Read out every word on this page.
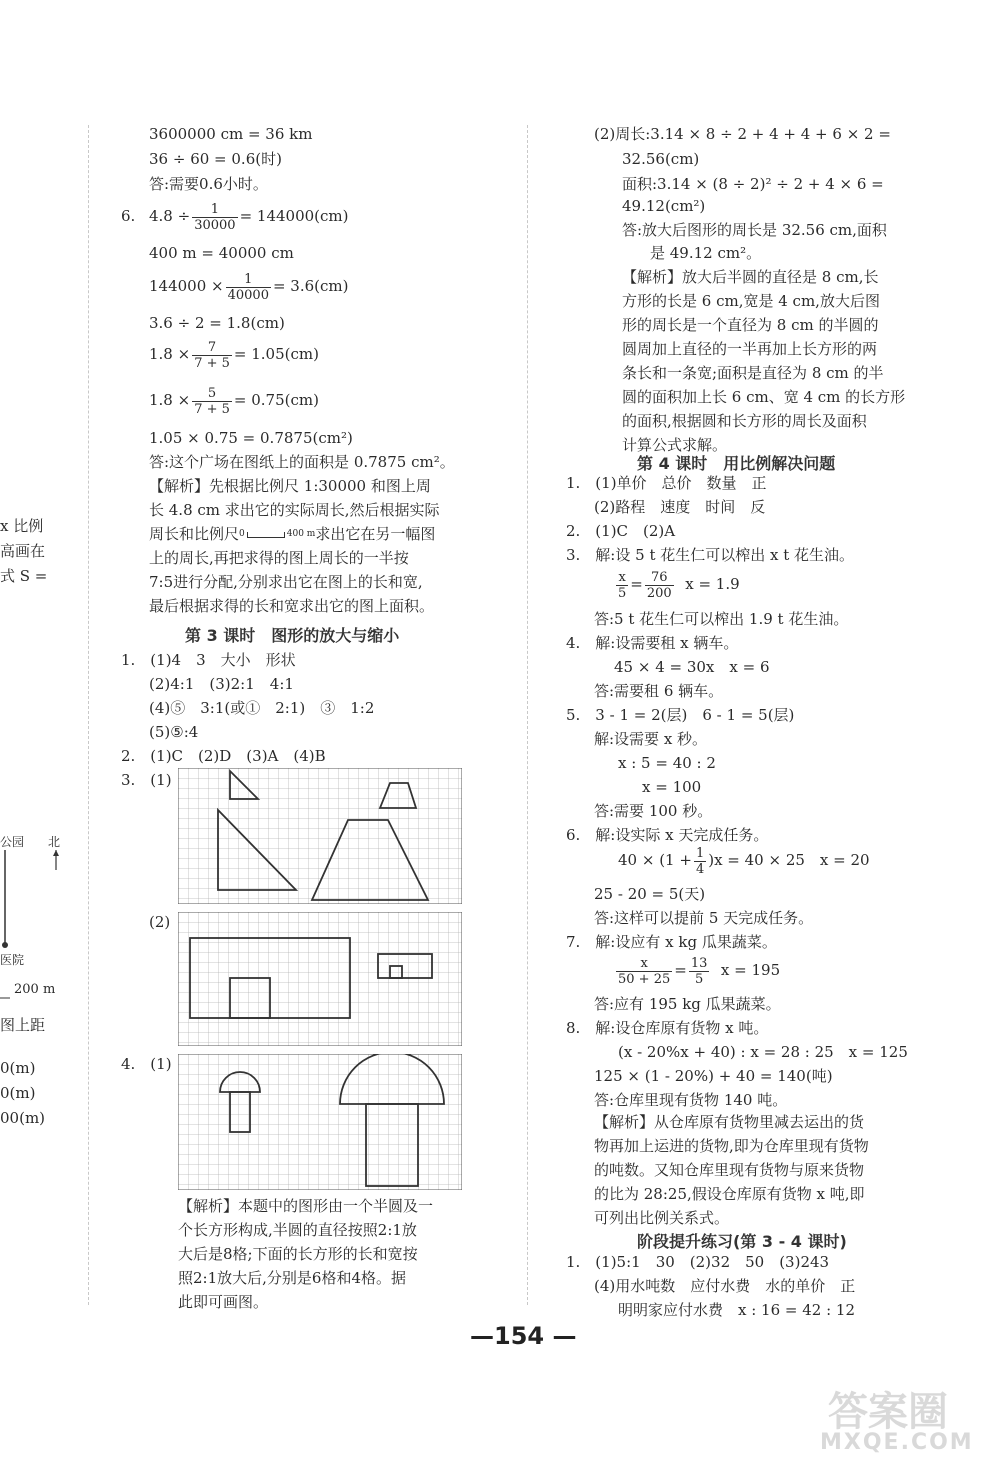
x 比例
高画在
式 S =
公园 北
医院
200 m
图上距
0(m)
0(m)
00(m)
3600000 cm = 36 km
36 ÷ 60 = 0.6(时)
答:需要0.6小时。
6. $4.8 \div \frac{1}{30000} = 144000(cm)$
400 m = 40000 cm
$144000 \times \frac{1}{40000} = 3.6(cm)$
3.6 ÷ 2 = 1.8(cm)
$1.8 \times \frac{7}{7 + 5} = 1.05(cm)$
$1.8 \times \frac{5}{7 + 5} = 0.75(cm)$
1.05 × 0.75 = 0.7875(cm²)
答:这个广场在图纸上的面积是 0.7875 cm²。
【解析】先根据比例尺 1:30000 和图上周
长 4.8 cm 求出它的实际周长,然后根据实际
周长和比例尺$^0$	$^{400 m}$求出它在另一幅图
上的周长,再把求得的图上周长的一半按
7:5进行分配,分别求出它在图上的长和宽,
最后根据求得的长和宽求出它的图上面积。
第 3 课时　图形的放大与缩小
1.　(1)4　3　大小　形状
(2)4:1　(3)2:1　4:1
(4)⑤　3:1(或①　2:1)　③　1:2
(5)⑤:4
2.　(1)C　(2)D　(3)A　(4)B
3.　(1)
(2)
4.　(1)
【解析】本题中的图形由一个半圆及一
个长方形构成,半圆的直径按照2:1放
大后是8格;下面的长方形的长和宽按
照2:1放大后,分别是6格和4格。据
此即可画图。
(2)周长:3.14 × 8 ÷ 2 + 4 + 4 + 6 × 2 =
32.56(cm)
面积:3.14 × (8 ÷ 2)² ÷ 2 + 4 × 6 =
49.12(cm²)
答:放大后图形的周长是 32.56 cm,面积
是 49.12 cm²。
【解析】放大后半圆的直径是 8 cm,长
方形的长是 6 cm,宽是 4 cm,放大后图
形的周长是一个直径为 8 cm 的半圆的
圆周加上直径的一半再加上长方形的两
条长和一条宽;面积是直径为 8 cm 的半
圆的面积加上长 6 cm、宽 4 cm 的长方形
的面积,根据圆和长方形的周长及面积
计算公式求解。
第 4 课时　用比例解决问题
1.　(1)单价　总价　数量　正
(2)路程　速度　时间　反
2.　(1)C　(2)A
3.　解:设 5 t 花生仁可以榨出 x t 花生油。
$\frac{x}{5} = \frac{76}{200}$ x = 1.9
答:5 t 花生仁可以榨出 1.9 t 花生油。
4.　解:设需要租 x 辆车。
45 × 4 = 30x　x = 6
答:需要租 6 辆车。
5.　3 - 1 = 2(层)　6 - 1 = 5(层)
解:设需要 x 秒。
x : 5 = 40 : 2
x = 100
答:需要 100 秒。
6.　解:设实际 x 天完成任务。
$40 \times (1 + \frac{1}{4} )x = 40 \times 25$　x = 20
25 - 20 = 5(天)
答:这样可以提前 5 天完成任务。
7.　解:设应有 x kg 瓜果蔬菜。
$\frac{x}{50 + 25} = \frac{13}{5}$ x = 195
答:应有 195 kg 瓜果蔬菜。
8.　解:设仓库原有货物 x 吨。
(x - 20%x + 40) : x = 28 : 25　x = 125
125 × (1 - 20%) + 40 = 140(吨)
答:仓库里现有货物 140 吨。
【解析】从仓库原有货物里减去运出的货
物再加上运进的货物,即为仓库里现有货物
的吨数。又知仓库里现有货物与原来货物
的比为 28:25,假设仓库原有货物 x 吨,即
可列出比例关系式。
阶段提升练习(第 3 - 4 课时)
1.　(1)5:1　30　(2)32　50　(3)243
(4)用水吨数　应付水费　水的单价　正
明明家应付水费　x : 16 = 42 : 12
—154 —
答案圈
MXQE.COM
